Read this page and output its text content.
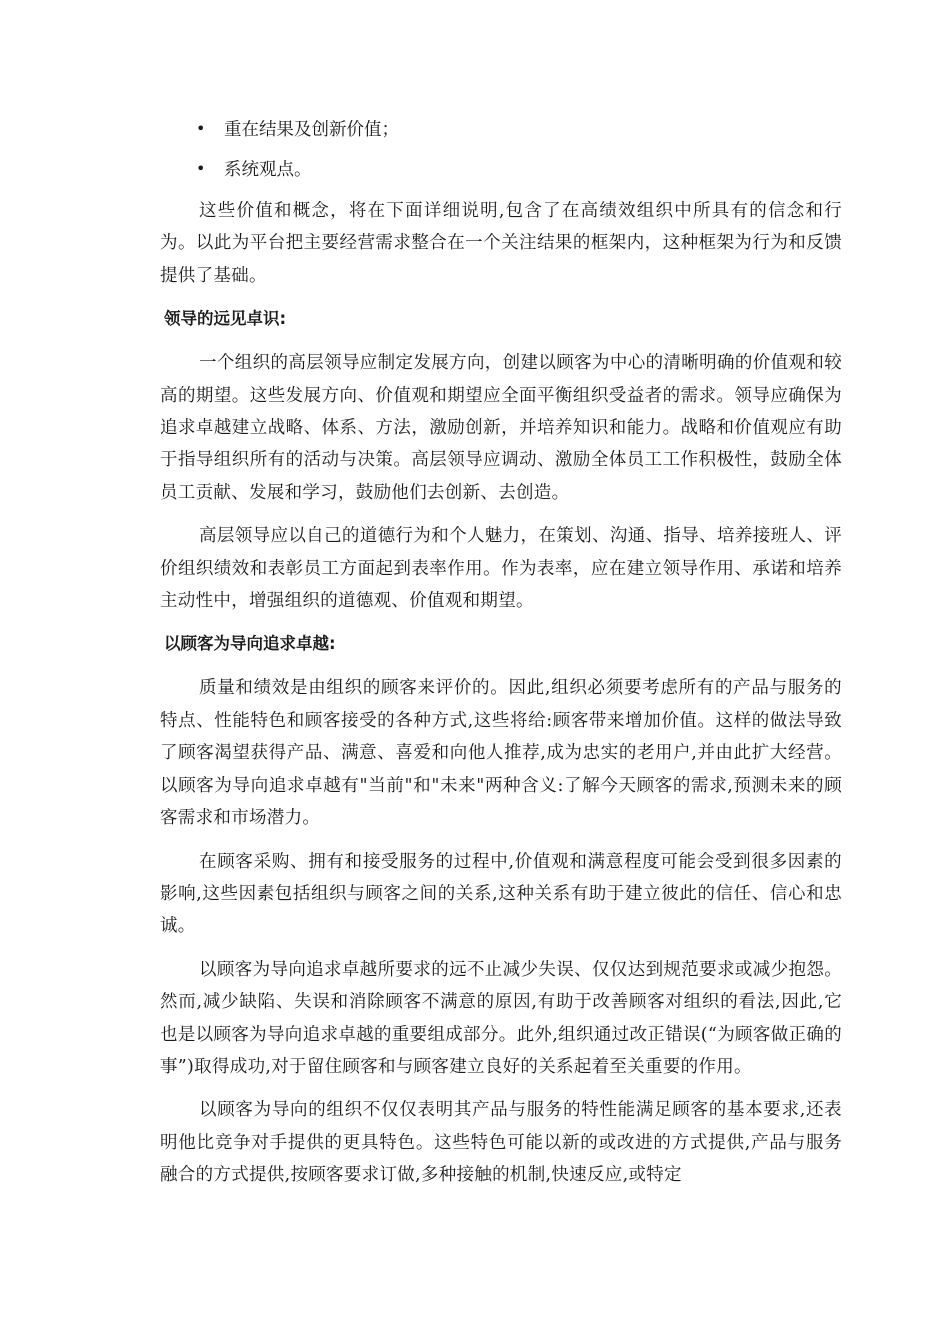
•	重在结果及创新价值；
•	系统观点。

这些价值和概念，将在下面详细说明,包含了在高绩效组织中所具有的信念和行为。以此为平台把主要经营需求整合在一个关注结果的框架内，这种框架为行为和反馈提供了基础。

领导的远见卓识:

一个组织的高层领导应制定发展方向，创建以顾客为中心的清晰明确的价值观和较高的期望。这些发展方向、价值观和期望应全面平衡组织受益者的需求。领导应确保为追求卓越建立战略、体系、方法，激励创新，并培养知识和能力。战略和价值观应有助于指导组织所有的活动与决策。高层领导应调动、激励全体员工工作积极性，鼓励全体员工贡献、发展和学习，鼓励他们去创新、去创造。

高层领导应以自己的道德行为和个人魅力，在策划、沟通、指导、培养接班人、评价组织绩效和表彰员工方面起到表率作用。作为表率，应在建立领导作用、承诺和培养主动性中，增强组织的道德观、价值观和期望。

以顾客为导向追求卓越:

质量和绩效是由组织的顾客来评价的。因此,组织必须要考虑所有的产品与服务的特点、性能特色和顾客接受的各种方式,这些将给:顾客带来增加价值。这样的做法导致了顾客渴望获得产品、满意、喜爱和向他人推荐,成为忠实的老用户,并由此扩大经营。以顾客为导向追求卓越有"当前"和"未来"两种含义:了解今天顾客的需求,预测未来的顾客需求和市场潜力。

在顾客采购、拥有和接受服务的过程中,价值观和满意程度可能会受到很多因素的影响,这些因素包括组织与顾客之间的关系,这种关系有助于建立彼此的信任、信心和忠诚。

以顾客为导向追求卓越所要求的远不止减少失误、仅仅达到规范要求或减少抱怨。然而,减少缺陷、失误和消除顾客不满意的原因,有助于改善顾客对组织的看法,因此,它也是以顾客为导向追求卓越的重要组成部分。此外,组织通过改正错误(“为顾客做正确的事”)取得成功,对于留住顾客和与顾客建立良好的关系起着至关重要的作用。

以顾客为导向的组织不仅仅表明其产品与服务的特性能满足顾客的基本要求,还表明他比竞争对手提供的更具特色。这些特色可能以新的或改进的方式提供,产品与服务融合的方式提供,按顾客要求订做,多种接触的机制,快速反应,或特定
